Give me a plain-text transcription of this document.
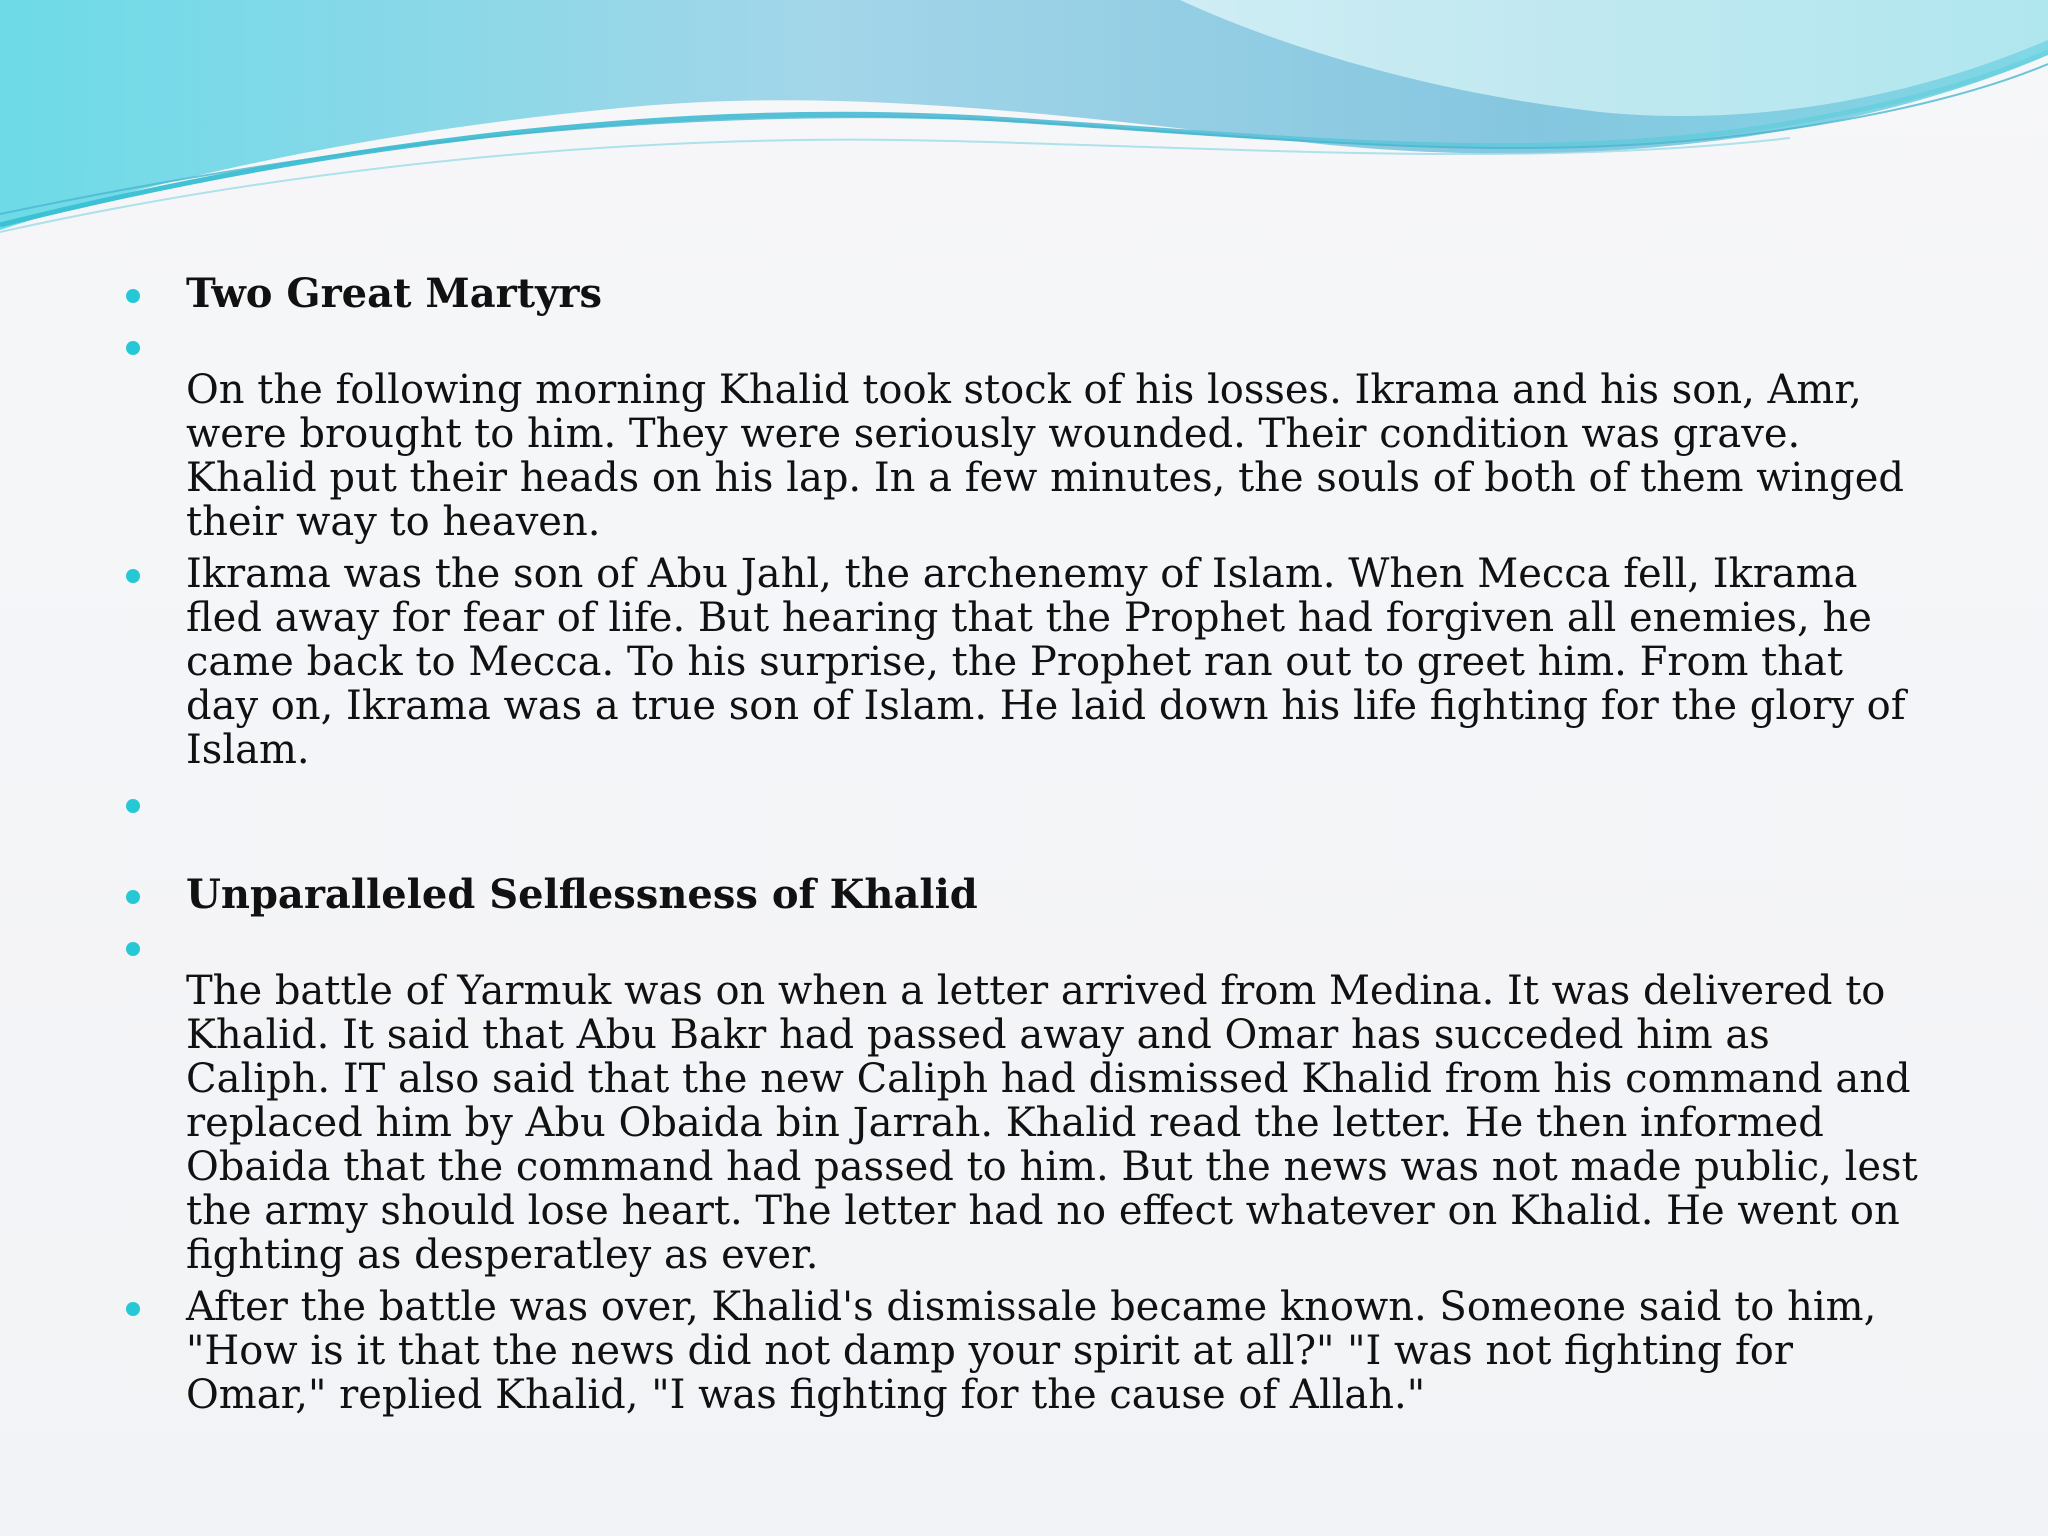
Two Great Martyrs
On the following morning Khalid took stock of his losses. Ikrama and his son, Amr, were brought to him. They were seriously wounded. Their condition was grave. Khalid put their heads on his lap. In a few minutes, the souls of both of them winged their way to heaven.
Ikrama was the son of Abu Jahl, the archenemy of Islam. When Mecca fell, Ikrama fled away for fear of life. But hearing that the Prophet had forgiven all enemies, he came back to Mecca. To his surprise, the Prophet ran out to greet him. From that day on, Ikrama was a true son of Islam. He laid down his life fighting for the glory of Islam.
Unparalleled Selflessness of Khalid
The battle of Yarmuk was on when a letter arrived from Medina. It was delivered to Khalid. It said that Abu Bakr had passed away and Omar has succeded him as Caliph. IT also said that the new Caliph had dismissed Khalid from his command and replaced him by Abu Obaida bin Jarrah. Khalid read the letter. He then informed Obaida that the command had passed to him. But the news was not made public, lest the army should lose heart. The letter had no effect whatever on Khalid. He went on fighting as desperatley as ever.
After the battle was over, Khalid's dismissale became known. Someone said to him, "How is it that the news did not damp your spirit at all?" "I was not fighting for Omar," replied Khalid, "I was fighting for the cause of Allah."
